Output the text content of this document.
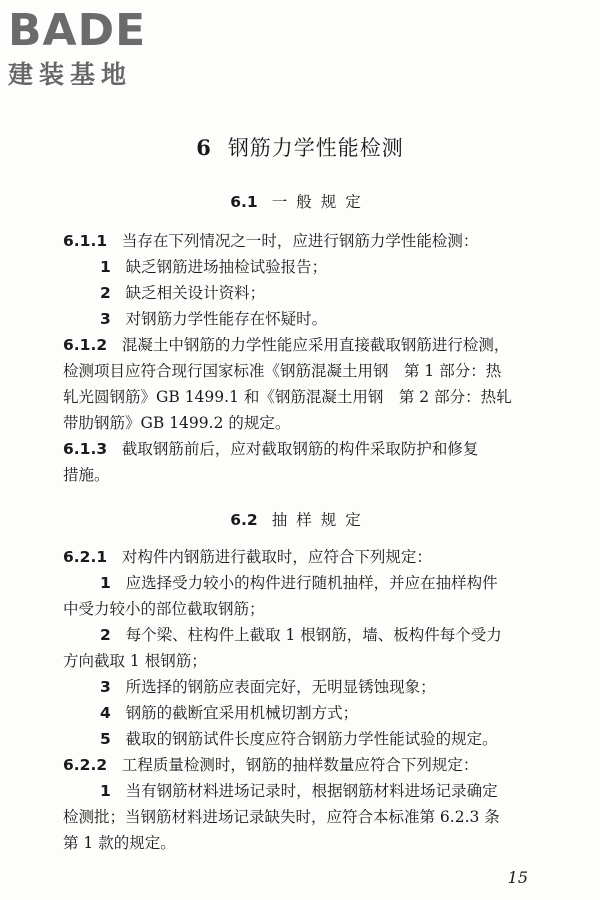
BADE
建装基地
6 钢筋力学性能检测
6.1 一般规定
6.1.1 当存在下列情况之一时，应进行钢筋力学性能检测：
1 缺乏钢筋进场抽检试验报告；
2 缺乏相关设计资料；
3 对钢筋力学性能存在怀疑时。
6.1.2 混凝土中钢筋的力学性能应采用直接截取钢筋进行检测，
检测项目应符合现行国家标准《钢筋混凝土用钢　第 1 部分：热
轧光圆钢筋》GB 1499.1 和《钢筋混凝土用钢　第 2 部分：热轧
带肋钢筋》GB 1499.2 的规定。
6.1.3 截取钢筋前后，应对截取钢筋的构件采取防护和修复
措施。
6.2 抽样规定
6.2.1 对构件内钢筋进行截取时，应符合下列规定：
1 应选择受力较小的构件进行随机抽样，并应在抽样构件
中受力较小的部位截取钢筋；
2 每个梁、柱构件上截取 1 根钢筋，墙、板构件每个受力
方向截取 1 根钢筋；
3 所选择的钢筋应表面完好，无明显锈蚀现象；
4 钢筋的截断宜采用机械切割方式；
5 截取的钢筋试件长度应符合钢筋力学性能试验的规定。
6.2.2 工程质量检测时，钢筋的抽样数量应符合下列规定：
1 当有钢筋材料进场记录时，根据钢筋材料进场记录确定
检测批；当钢筋材料进场记录缺失时，应符合本标准第 6.2.3 条
第 1 款的规定。
15
